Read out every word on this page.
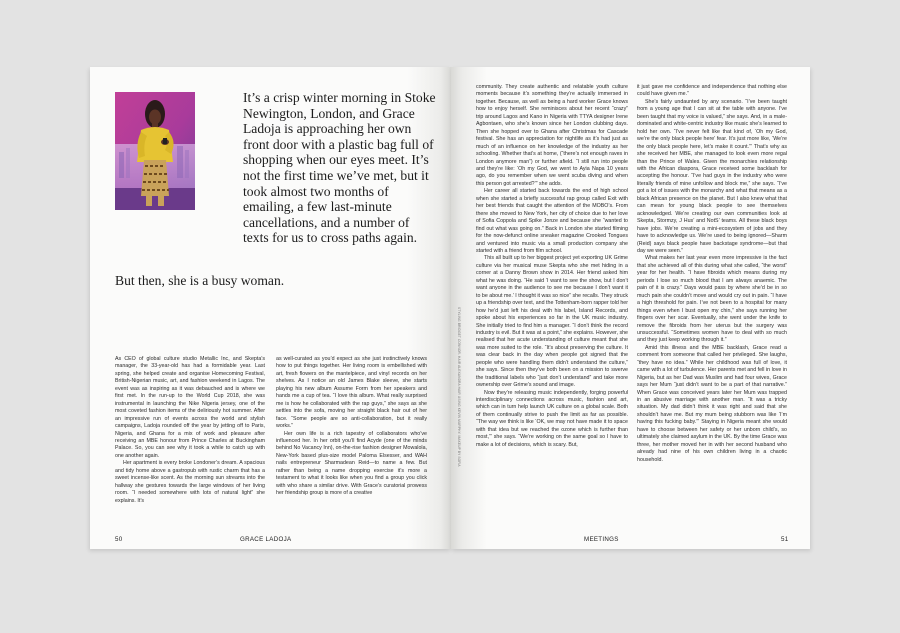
It’s a crisp winter morning in Stoke Newington, London, and Grace Ladoja is approaching her own front door with a plastic bag full of shopping when our eyes meet. It’s not the first time we’ve met, but it took almost two months of emailing, a few last-minute cancellations, and a number of texts for us to cross paths again.
But then, she is a busy woman.

As CEO of global culture studio Metallic Inc, and Skepta’s manager, the 33-year-old has had a formidable year. Last spring, she helped create and organise Homecoming Festival, British-Nigerian music, art, and fashion weekend in Lagos. The event was as inspiring as it was debauched and is where we first met. In the run-up to the World Cup 2018, she was instrumental in launching the Nike Nigeria jersey, one of the most coveted fashion items of the deliriously hot summer. After an impressive run of events across the world and stylish campaigns, Ladoja rounded off the year by jetting off to Paris, Nigeria, and Ghana for a mix of work and pleasure after receiving an MBE honour from Prince Charles at Buckingham Palace. So, you can see why it took a while to catch up with one another again.

Her apartment is every broke Londoner’s dream. A spacious and tidy home above a gastropub with rustic charm that has a sweet incense-like scent. As the morning sun streams into the hallway she gestures towards the large windows of her living room. “I needed somewhere with lots of natural light” she explains. It’s

as well-curated as you’d expect as she just instinctively knows how to put things together. Her living room is embellished with art, fresh flowers on the mantelpiece, and vinyl records on her shelves. As I notice an old James Blake sleeve, she starts playing his new album Assume Form from her speakers and hands me a cup of tea. “I love this album. What really surprised me is how he collaborated with the rap guys,” she says as she settles into the sofa, moving her straight black hair out of her face. “Some people are so anti-collaboration, but it really works.”

Her own life is a rich tapestry of collaborators who’ve influenced her. In her orbit you’ll find Acyde (one of the minds behind No Vacancy Inn), on-the-rise fashion designer Mowalola, New-York based plus-size model Paloma Elsesser, and WAH nails entrepreneur Sharmadean Reid—to name a few. But rather than being a name dropping exercise it’s more a testament to what it looks like when you find a group you click with who share a similar drive. With Grace’s curatorial prowess her friendship group is more of a creative

50	GRACE LADOJA

community. They create authentic and relatable youth culture moments because it’s something they’re actually immersed in together. Because, as well as being a hard worker Grace knows how to enjoy herself. She reminisces about her recent “crazy” trip around Lagos and Kano in Nigeria with TTYA designer Irene Agbontaen, who she’s known since her London clubbing days. Then she hopped over to Ghana after Christmas for Cascade festival. She has an appreciation for nightlife as it’s had just as much of an influence on her knowledge of the industry as her schooling. Whether that’s at home, (“there’s not enough raves in London anymore man”) or further afield. “I still run into people and they’re like: ‘Oh my God, we went to Ayia Napa 10 years ago, do you remember when we went scuba diving and when this person got arrested?’” she adds.

Her career all started back towards the end of high school when she started a briefly successful rap group called Exit with her best friends that caught the attention of the MOBO’s. From there she moved to New York, her city of choice due to her love of Sofia Coppola and Spike Jonze and because she “wanted to find out what was going on.” Back in London she started filming for the now-defunct online sneaker magazine Crooked Tongues and ventured into music via a small production company she started with a friend from film school.

This all built up to her biggest project yet exporting UK Grime culture via her musical muse Skepta who she met hiding in a corner at a Danny Brown show in 2014. Her friend asked him what he was doing. “He said ‘I want to see the show, but I don’t want anyone in the audience to see me because I don’t want it to be about me.’ I thought it was so nice” she recalls. They struck up a friendship over text, and the Tottenham-born rapper told her how he’d just left his deal with his label, Island Records, and spoke about his experiences so far in the UK music industry. She initially tried to find him a manager. “I don’t think the record industry is evil. But it was at a point,” she explains. However, she realised that her acute understanding of culture meant that she was more suited to the role. “It’s about preserving the culture. It was clear back in the day when people got signed that the people who were handling them didn’t understand the culture,” she says. Since then they’ve both been on a mission to swerve the traditional labels who “just don’t understand” and take more ownership over Grime’s sound and image.

Now they’re releasing music independently, forging powerful interdisciplinary connections across music, fashion and art, which can in turn help launch UK culture on a global scale. Both of them continually strive to push the limit as far as possible. “The way we think is like ‘OK, we may not have made it to space with that idea but we reached the ozone which is further than most,’” she says. “We’re working on the same goal so I have to make a lot of decisions, which is scary. But,

it just gave me confidence and independence that nothing else could have given me.”

She’s fairly undaunted by any scenario. “I’ve been taught from a young age that I can sit at the table with anyone. I’ve been taught that my voice is valued,” she says. And, in a male-dominated and white-centric industry like music she’s learned to hold her own. “I’ve never felt like that kind of, ‘Oh my God, we’re the only black people here’ fear. It’s just more like, ‘We’re the only black people here, let’s make it count.’” That’s why as she received her MBE, she managed to look even more regal than the Prince of Wales. Given the monarchies relationship with the African diaspora, Grace received some backlash for accepting the honour. “I’ve had guys in the industry who were literally friends of mine unfollow and block me,” she says. “I’ve got a lot of issues with the monarchy and what that means as a black African presence on the planet. But I also knew what that can mean for young black people to see themselves acknowledged. We’re creating our own communities look at Skepta, Stormzy, J Hus’ and NotS’ teams. All these black boys have jobs. We’re creating a mini-ecosystem of jobs and they have to acknowledge us. We’re used to being ignored—Sharm (Reid) says black people have backstage syndrome—but that day we were seen.”

What makes her last year even more impressive is the fact that she achieved all of this during what she called, “the worst” year for her health. “I have fibroids which means during my periods I lose so much blood that I am always anaemic. The pain of it is crazy.” Days would pass by where she’d be in so much pain she couldn’t move and would cry out in pain. “I have a high threshold for pain. I’ve not been to a hospital for many things even when I bust open my chin,” she says running her fingers over her scar. Eventually, she went under the knife to remove the fibroids from her uterus but the surgery was unsuccessful. “Sometimes women have to deal with so much and they just keep working through it.”

Amid this illness and the MBE backlash, Grace read a comment from someone that called her privileged. She laughs, “they have no idea.” While her childhood was full of love, it came with a lot of turbulence. Her parents met and fell in love in Nigeria, but as her Dad was Muslim and had four wives, Grace says her Mum “just didn’t want to be a part of that narrative.” When Grace was conceived years later her Mum was trapped in an abusive marriage with another man. “It was a tricky situation. My dad didn’t think it was right and said that she shouldn’t have me. But my mum being stubborn was like ‘I’m having this fucking baby.’” Staying in Nigeria meant she would have to choose between her safety or her unborn child’s, so ultimately she claimed asylum in the UK. By the time Grace was three, her mother moved her in with her second husband who already had nine of his own children living in a chaotic household.

MEETINGS	51
STYLING BRIDGET CONNOR. HAIR ALEXANDRA HAIR USING KEVIN MURPHY. MAKEUP BY SOFIA
